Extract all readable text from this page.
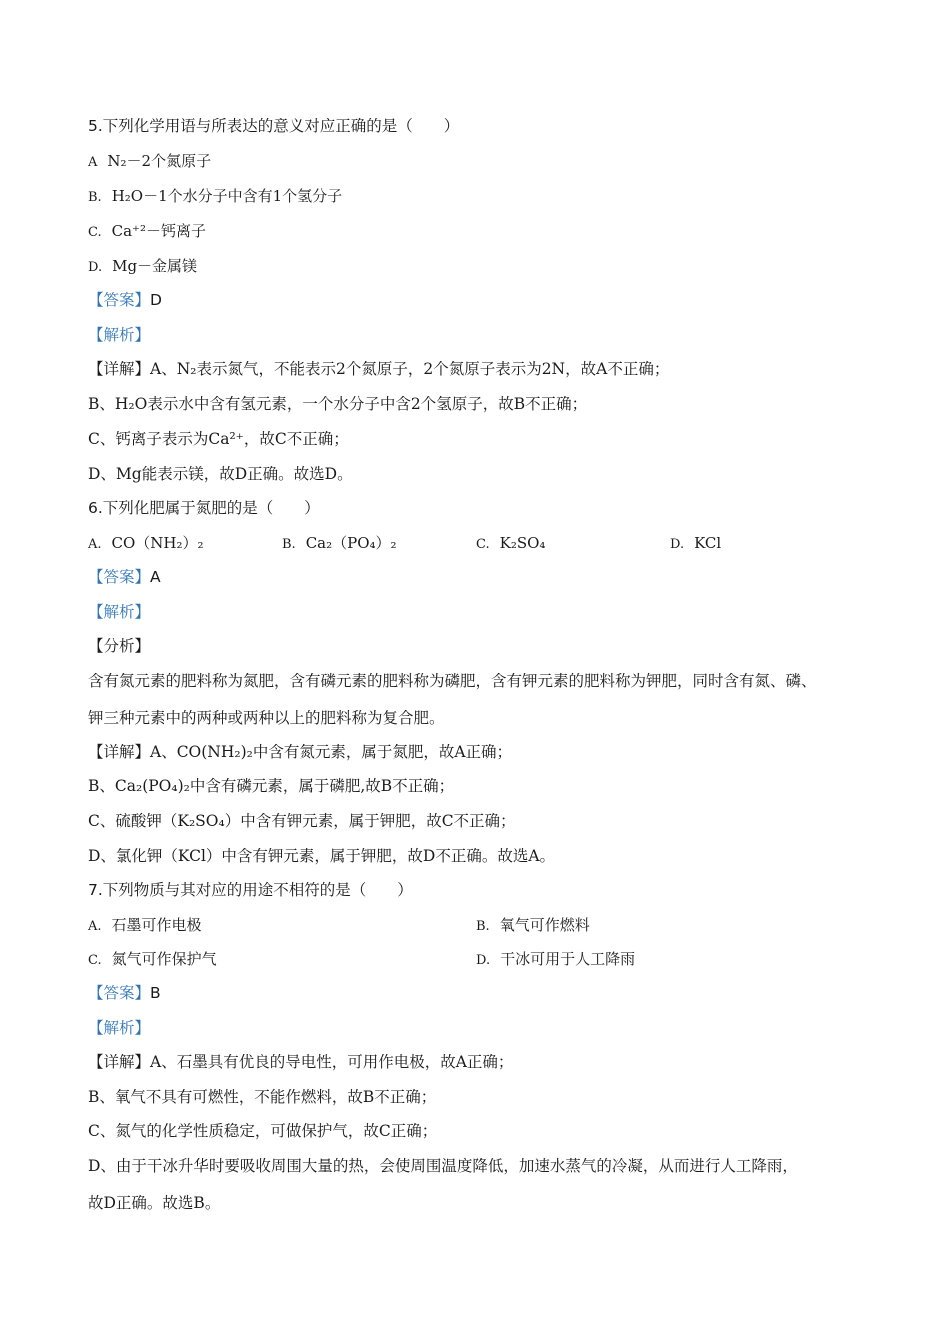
5.下列化学用语与所表达的意义对应正确的是（　　）
A N₂－2个氮原子
B. H₂O－1个水分子中含有1个氢分子
C. Ca⁺²－钙离子
D. Mg－金属镁
【答案】D
【解析】
【详解】A、N₂表示氮气，不能表示2个氮原子，2个氮原子表示为2N，故A不正确；
B、H₂O表示水中含有氢元素，一个水分子中含2个氢原子，故B不正确；
C、钙离子表示为Ca²⁺，故C不正确；
D、Mg能表示镁，故D正确。故选D。
6.下列化肥属于氮肥的是（　　）
A. CO（NH₂）₂	B. Ca₂（PO₄）₂	C. K₂SO₄	D. KCl
【答案】A
【解析】
【分析】
含有氮元素的肥料称为氮肥，含有磷元素的肥料称为磷肥，含有钾元素的肥料称为钾肥，同时含有氮、磷、
钾三种元素中的两种或两种以上的肥料称为复合肥。
【详解】A、CO(NH₂)₂中含有氮元素，属于氮肥，故A正确；
B、Ca₂(PO₄)₂中含有磷元素，属于磷肥,故B不正确；
C、硫酸钾（K₂SO₄）中含有钾元素，属于钾肥，故C不正确；
D、氯化钾（KCl）中含有钾元素，属于钾肥，故D不正确。故选A。
7.下列物质与其对应的用途不相符的是（　　）
A. 石墨可作电极	B. 氧气可作燃料
C. 氮气可作保护气	D. 干冰可用于人工降雨
【答案】B
【解析】
【详解】A、石墨具有优良的导电性，可用作电极，故A正确；
B、氧气不具有可燃性，不能作燃料，故B不正确；
C、氮气的化学性质稳定，可做保护气，故C正确；
D、由于干冰升华时要吸收周围大量的热，会使周围温度降低，加速水蒸气的冷凝，从而进行人工降雨，
故D正确。故选B。
